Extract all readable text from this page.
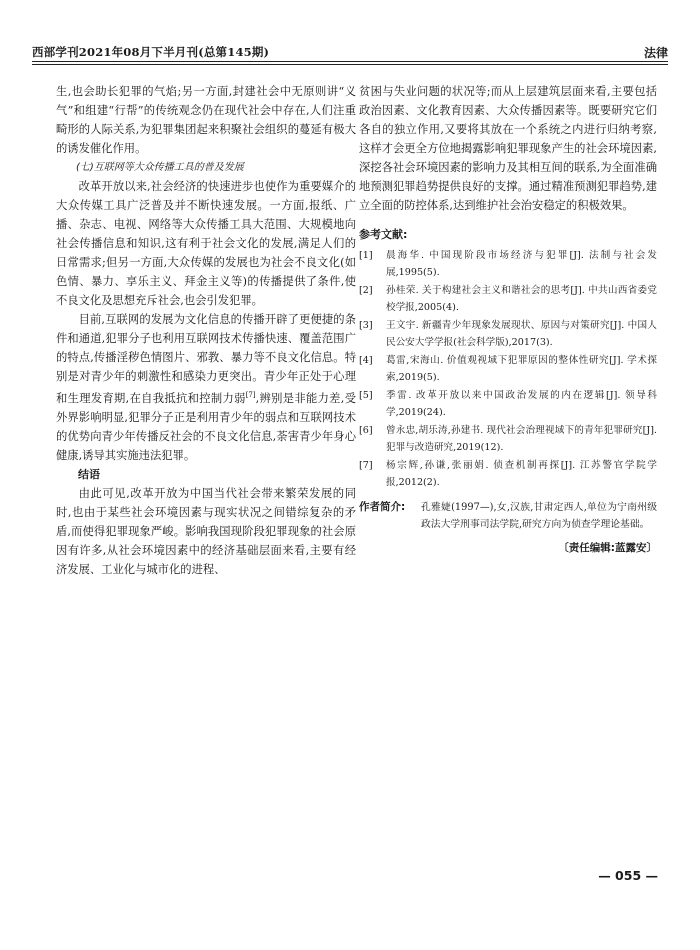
西部学刊2021年08月下半月刊(总第145期)	法律

生,也会助长犯罪的气焰;另一方面,封建社会中无原则讲“义气”和组建“行帮”的传统观念仍在现代社会中存在,人们注重畸形的人际关系,为犯罪集团起来积聚社会组织的蔓延有极大的诱发催化作用。

(七)互联网等大众传播工具的普及发展

改革开放以来,社会经济的快速进步也使作为重要媒介的大众传媒工具广泛普及并不断快速发展。一方面,报纸、广播、杂志、电视、网络等大众传播工具大范围、大规模地向社会传播信息和知识,这有利于社会文化的发展,满足人们的日常需求;但另一方面,大众传媒的发展也为社会不良文化(如色情、暴力、享乐主义、拜金主义等)的传播提供了条件,使不良文化及思想充斥社会,也会引发犯罪。

目前,互联网的发展为文化信息的传播开辟了更便捷的条件和通道,犯罪分子也利用互联网技术传播快速、覆盖范围广的特点,传播淫秽色情图片、邪教、暴力等不良文化信息。特别是对青少年的刺激性和感染力更突出。青少年正处于心理和生理发育期,在自我抵抗和控制力弱[7],辨别是非能力差,受外界影响明显,犯罪分子正是利用青少年的弱点和互联网技术的优势向青少年传播反社会的不良文化信息,荼害青少年身心健康,诱导其实施违法犯罪。

结语

由此可见,改革开放为中国当代社会带来繁荣发展的同时,也由于某些社会环境因素与现实状况之间错综复杂的矛盾,而使得犯罪现象严峻。影响我国现阶段犯罪现象的社会原因有许多,从社会环境因素中的经济基础层面来看,主要有经济发展、工业化与城市化的进程、

贫困与失业问题的状况等;而从上层建筑层面来看,主要包括政治因素、文化教育因素、大众传播因素等。既要研究它们各自的独立作用,又要将其放在一个系统之内进行归纳考察,这样才会更全方位地揭露影响犯罪现象产生的社会环境因素,深挖各社会环境因素的影响力及其相互间的联系,为全面准确地预测犯罪趋势提供良好的支撑。通过精准预测犯罪趋势,建立全面的防控体系,达到维护社会治安稳定的积极效果。

参考文献:
[1] 晨海华. 中国现阶段市场经济与犯罪[J]. 法制与社会发展,1995(5).
[2] 孙桂荣. 关于构建社会主义和谐社会的思考[J]. 中共山西省委党校学报,2005(4).
[3] 王文宇. 新疆青少年现象发展现状、原因与对策研究[J]. 中国人民公安大学学报(社会科学版),2017(3).
[4] 葛雷,宋海山. 价值观视域下犯罪原因的整体性研究[J]. 学术探索,2019(5).
[5] 季雷. 改革开放以来中国政治发展的内在逻辑[J]. 领导科学,2019(24).
[6] 曾永忠,胡乐涛,孙建书. 现代社会治理视域下的青年犯罪研究[J]. 犯罪与改造研究,2019(12).
[7] 杨宗辉,孙谦,张丽娟. 侦查机制再探[J]. 江苏警官学院学报,2012(2).
作者简介: 孔雅婕(1997—),女,汉族,甘肃定西人,单位为宁南州级政法大学刑事司法学院,研究方向为侦查学理论基础。
〔责任编辑:蓝露安〕
— 055 —
